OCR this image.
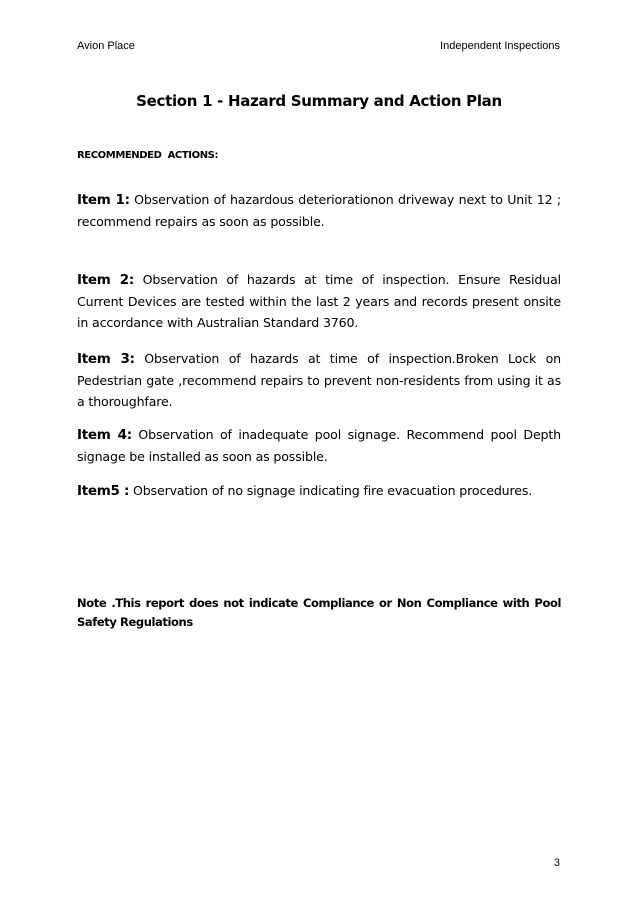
Avion Place	Independent Inspections
Section 1 - Hazard Summary and Action Plan
RECOMMENDED ACTIONS:
Item 1: Observation of hazardous deteriorationon driveway next to Unit 12 ; recommend repairs as soon as possible.
Item 2: Observation of hazards at time of inspection. Ensure Residual Current Devices are tested within the last 2 years and records present onsite in accordance with Australian Standard 3760.
Item 3: Observation of hazards at time of inspection.Broken Lock on Pedestrian gate ,recommend repairs to prevent non-residents from using it as a thoroughfare.
Item 4: Observation of inadequate pool signage. Recommend pool Depth signage be installed as soon as possible.
Item5 : Observation of no signage indicating fire evacuation procedures.
Note .This report does not indicate Compliance or Non Compliance with Pool Safety Regulations
3
